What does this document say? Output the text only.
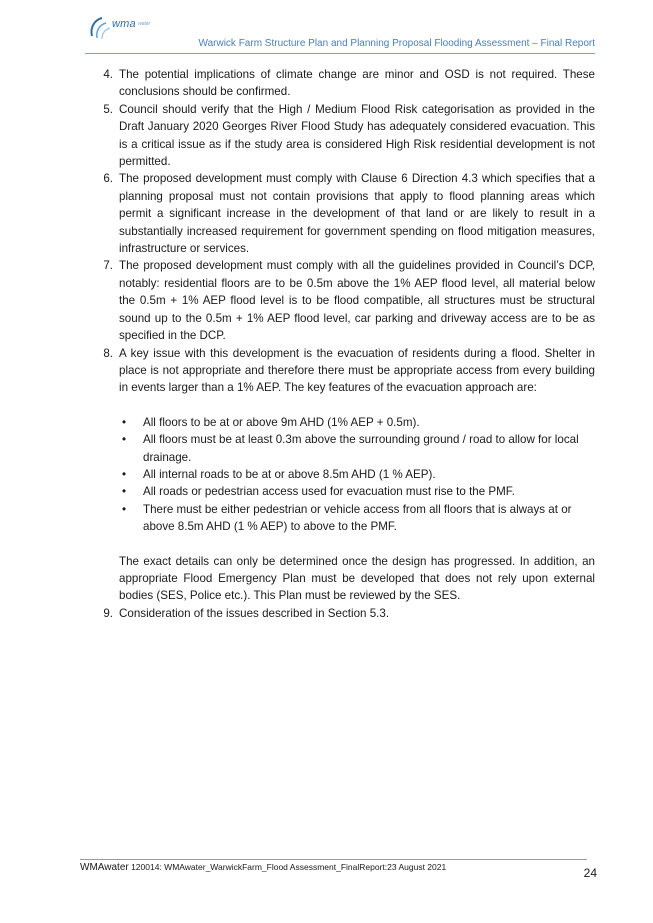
wma water
Warwick Farm Structure Plan and Planning Proposal Flooding Assessment – Final Report
4. The potential implications of climate change are minor and OSD is not required. These conclusions should be confirmed.
5. Council should verify that the High / Medium Flood Risk categorisation as provided in the Draft January 2020 Georges River Flood Study has adequately considered evacuation. This is a critical issue as if the study area is considered High Risk residential development is not permitted.
6. The proposed development must comply with Clause 6 Direction 4.3 which specifies that a planning proposal must not contain provisions that apply to flood planning areas which permit a significant increase in the development of that land or are likely to result in a substantially increased requirement for government spending on flood mitigation measures, infrastructure or services.
7. The proposed development must comply with all the guidelines provided in Council’s DCP, notably: residential floors are to be 0.5m above the 1% AEP flood level, all material below the 0.5m + 1% AEP flood level is to be flood compatible, all structures must be structural sound up to the 0.5m + 1% AEP flood level, car parking and driveway access are to be as specified in the DCP.
8. A key issue with this development is the evacuation of residents during a flood. Shelter in place is not appropriate and therefore there must be appropriate access from every building in events larger than a 1% AEP. The key features of the evacuation approach are:
• All floors to be at or above 9m AHD (1% AEP + 0.5m).
• All floors must be at least 0.3m above the surrounding ground / road to allow for local drainage.
• All internal roads to be at or above 8.5m AHD (1 % AEP).
• All roads or pedestrian access used for evacuation must rise to the PMF.
• There must be either pedestrian or vehicle access from all floors that is always at or above 8.5m AHD (1 % AEP) to above to the PMF.

The exact details can only be determined once the design has progressed. In addition, an appropriate Flood Emergency Plan must be developed that does not rely upon external bodies (SES, Police etc.). This Plan must be reviewed by the SES.

9. Consideration of the issues described in Section 5.3.
WMAwater 120014: WMAwater_WarwickFarm_Flood Assessment_FinalReport:23 August 2021	24
